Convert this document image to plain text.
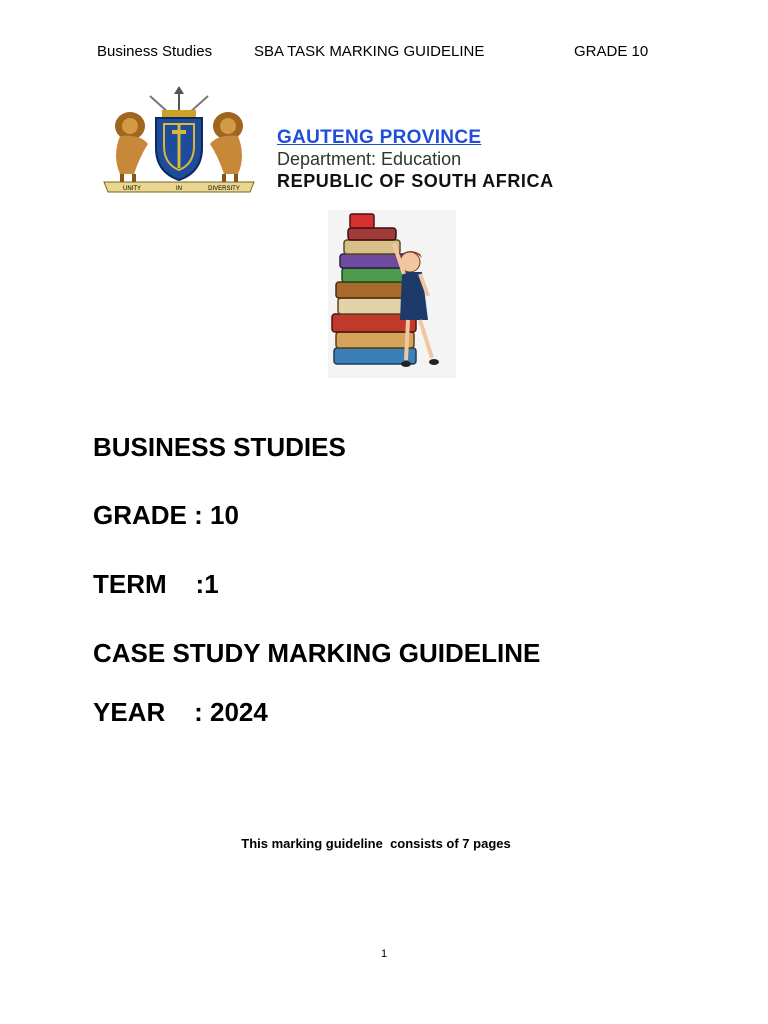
Business Studies	SBA TASK MARKING GUIDELINE	GRADE 10
UNITY	IN	DIVERSITY
GAUTENG PROVINCE
Department: Education
REPUBLIC OF SOUTH AFRICA
BUSINESS STUDIES
GRADE : 10
TERM    :1
CASE STUDY MARKING GUIDELINE
YEAR    : 2024
This marking guideline  consists of 7 pages
1
